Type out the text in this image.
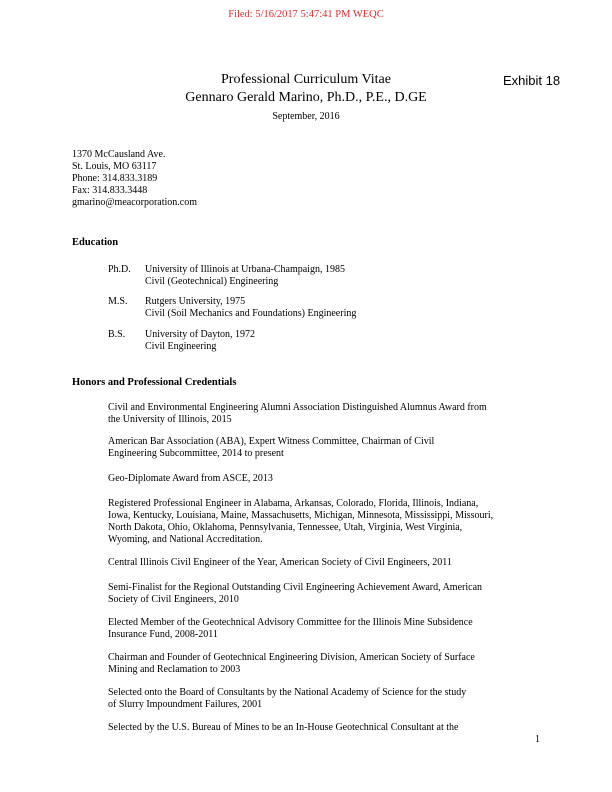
Filed: 5/16/2017 5:47:41 PM WEQC
Exhibit 18
Professional Curriculum Vitae
Gennaro Gerald Marino, Ph.D., P.E., D.GE
September, 2016
1370 McCausland Ave.
St. Louis, MO 63117
Phone: 314.833.3189
Fax: 314.833.3448
gmarino@meacorporation.com
Education
Ph.D. University of Illinois at Urbana-Champaign, 1985
Civil (Geotechnical) Engineering
M.S. Rutgers University, 1975
Civil (Soil Mechanics and Foundations) Engineering
B.S. University of Dayton, 1972
Civil Engineering
Honors and Professional Credentials
Civil and Environmental Engineering Alumni Association Distinguished Alumnus Award from
the University of Illinois, 2015
American Bar Association (ABA), Expert Witness Committee, Chairman of Civil
Engineering Subcommittee, 2014 to present
Geo-Diplomate Award from ASCE, 2013
Registered Professional Engineer in Alabama, Arkansas, Colorado, Florida, Illinois, Indiana,
Iowa, Kentucky, Louisiana, Maine, Massachusetts, Michigan, Minnesota, Mississippi, Missouri,
North Dakota, Ohio, Oklahoma, Pennsylvania, Tennessee, Utah, Virginia, West Virginia,
Wyoming, and National Accreditation.
Central Illinois Civil Engineer of the Year, American Society of Civil Engineers, 2011
Semi-Finalist for the Regional Outstanding Civil Engineering Achievement Award, American
Society of Civil Engineers, 2010
Elected Member of the Geotechnical Advisory Committee for the Illinois Mine Subsidence
Insurance Fund, 2008-2011
Chairman and Founder of Geotechnical Engineering Division, American Society of Surface
Mining and Reclamation to 2003
Selected onto the Board of Consultants by the National Academy of Science for the study
of Slurry Impoundment Failures, 2001
Selected by the U.S. Bureau of Mines to be an In-House Geotechnical Consultant at the
1
